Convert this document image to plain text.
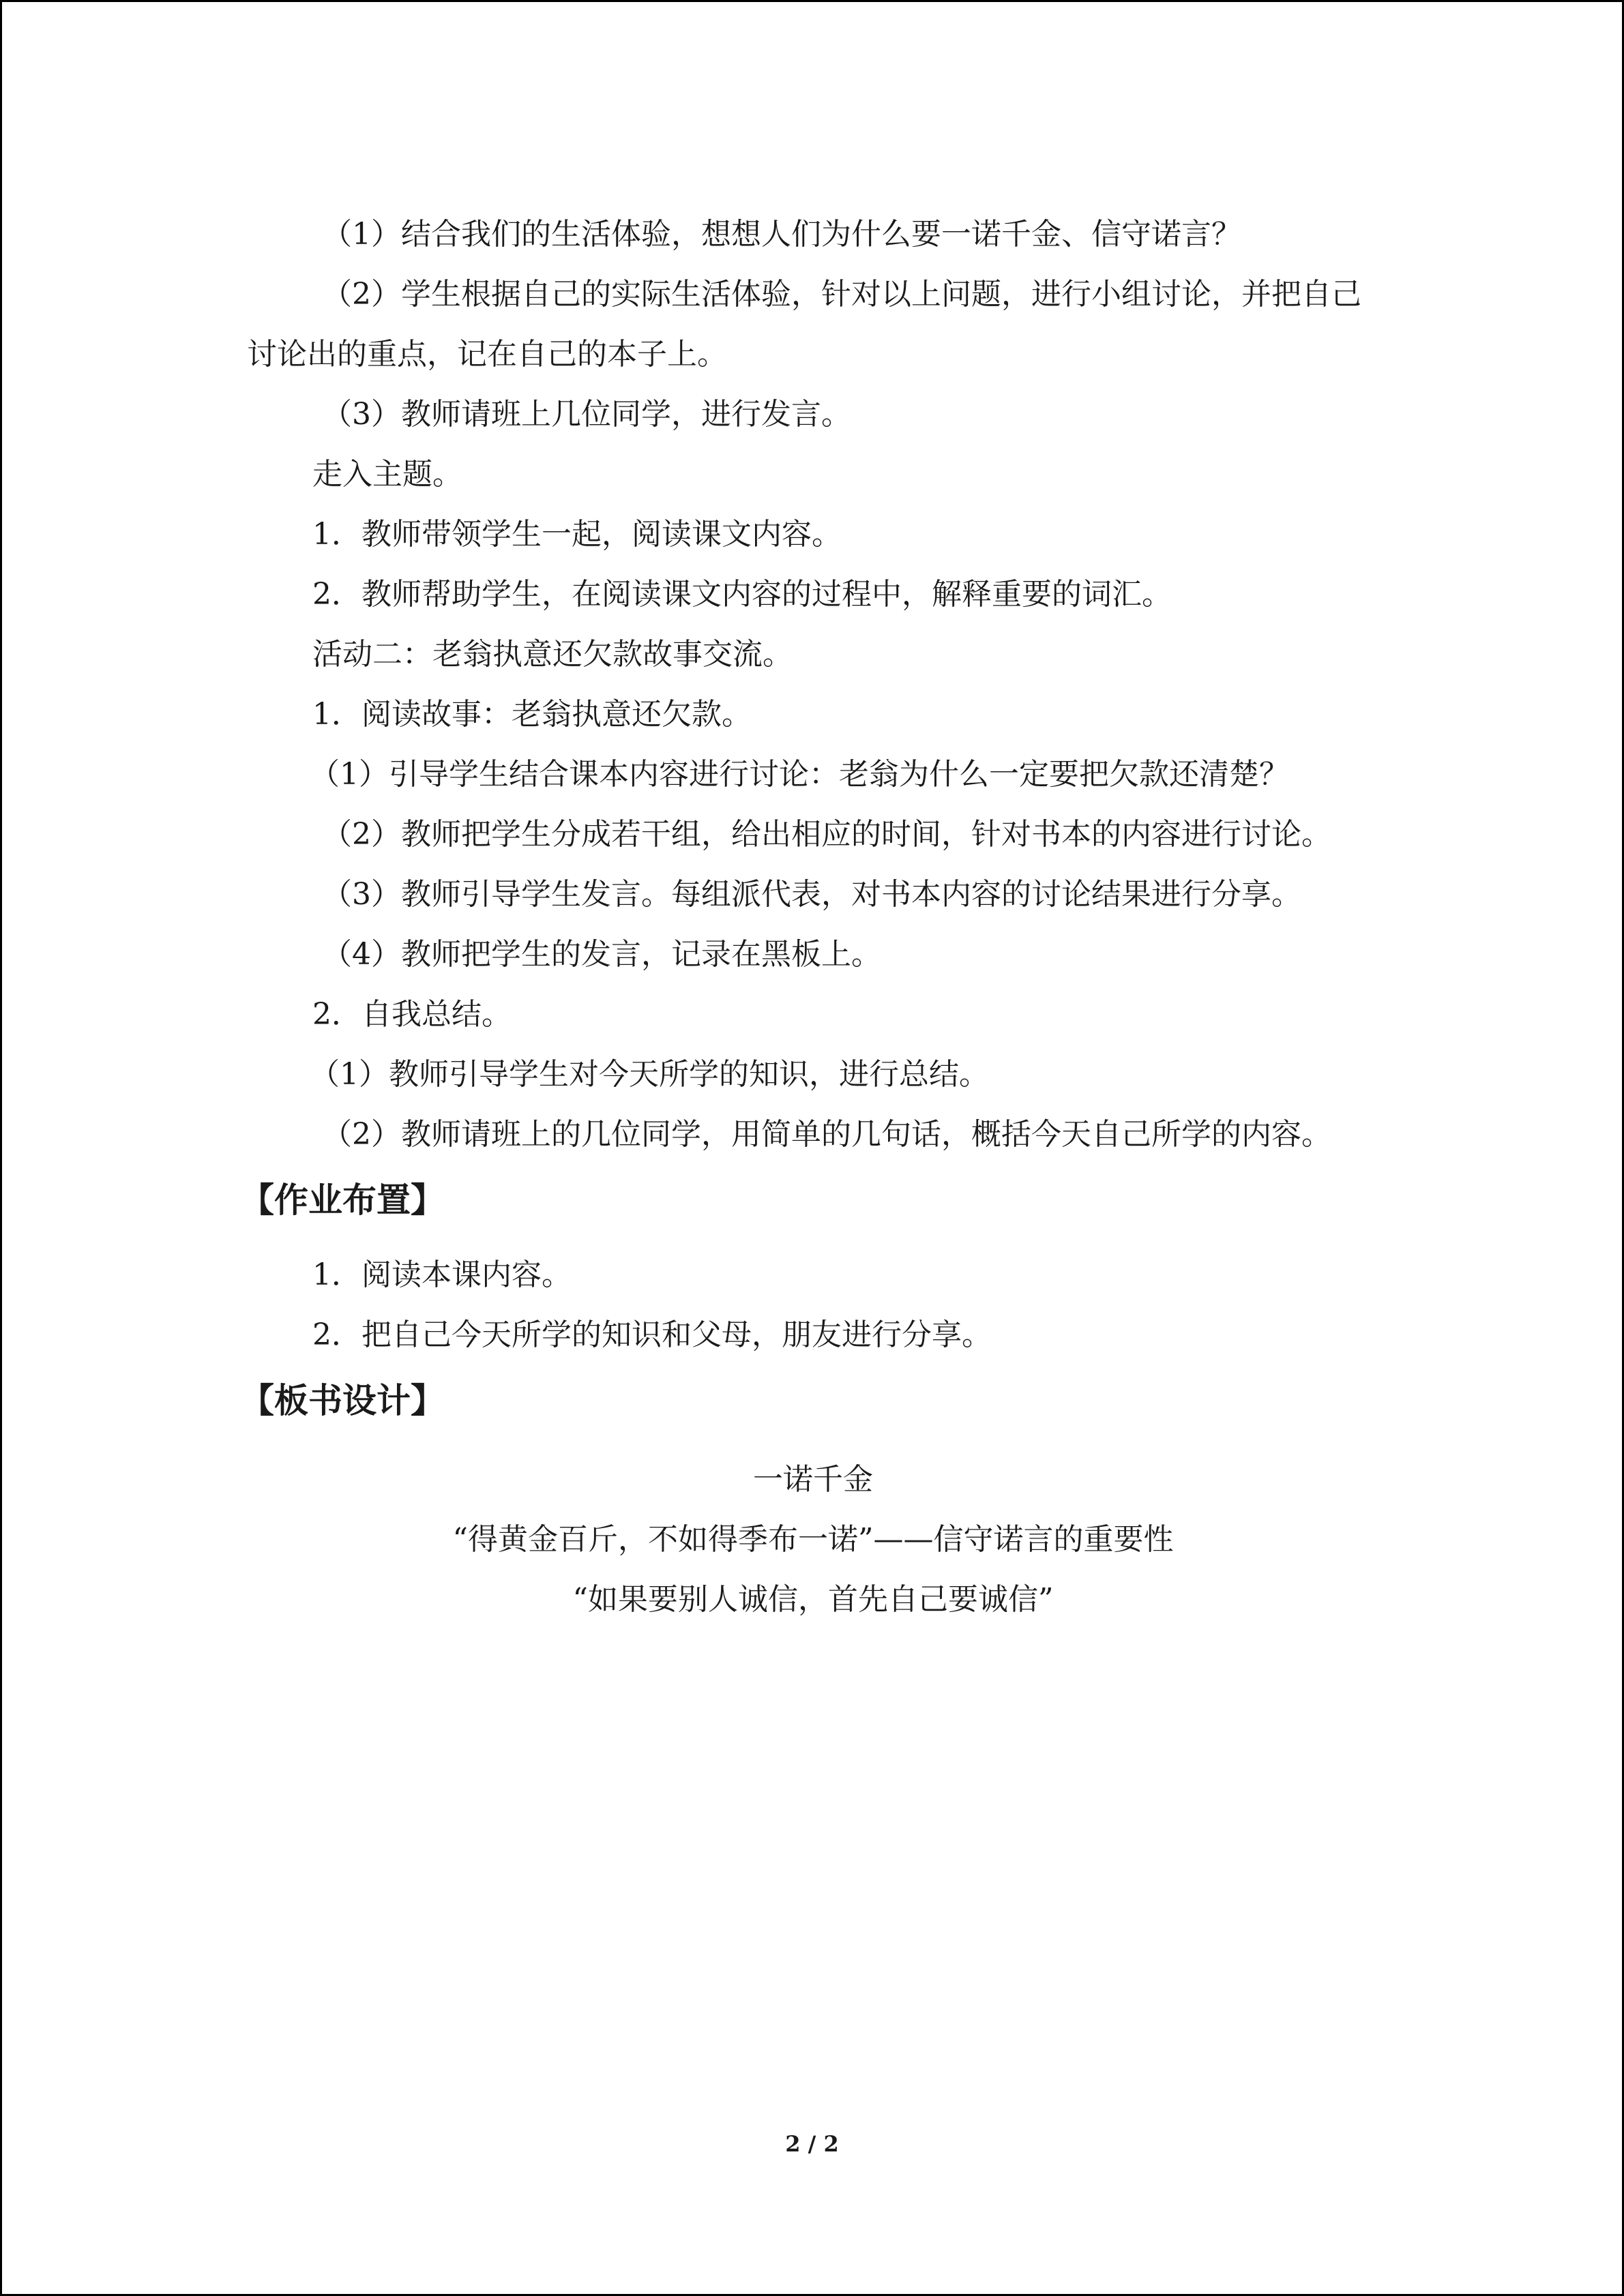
（1）结合我们的生活体验，想想人们为什么要一诺千金、信守诺言？

（2）学生根据自己的实际生活体验，针对以上问题，进行小组讨论，并把自己讨论出的重点，记在自己的本子上。

（3）教师请班上几位同学，进行发言。

走入主题。

1．教师带领学生一起，阅读课文内容。

2．教师帮助学生，在阅读课文内容的过程中，解释重要的词汇。

活动二：老翁执意还欠款故事交流。

1．阅读故事：老翁执意还欠款。

（1）引导学生结合课本内容进行讨论：老翁为什么一定要把欠款还清楚？

（2）教师把学生分成若干组，给出相应的时间，针对书本的内容进行讨论。

（3）教师引导学生发言。每组派代表，对书本内容的讨论结果进行分享。

（4）教师把学生的发言，记录在黑板上。

2．自我总结。

（1）教师引导学生对今天所学的知识，进行总结。

（2）教师请班上的几位同学，用简单的几句话，概括今天自己所学的内容。

【作业布置】

1．阅读本课内容。

2．把自己今天所学的知识和父母，朋友进行分享。

【板书设计】

一诺千金

“得黄金百斤，不如得季布一诺”——信守诺言的重要性

“如果要别人诚信，首先自己要诚信”

2 / 2
